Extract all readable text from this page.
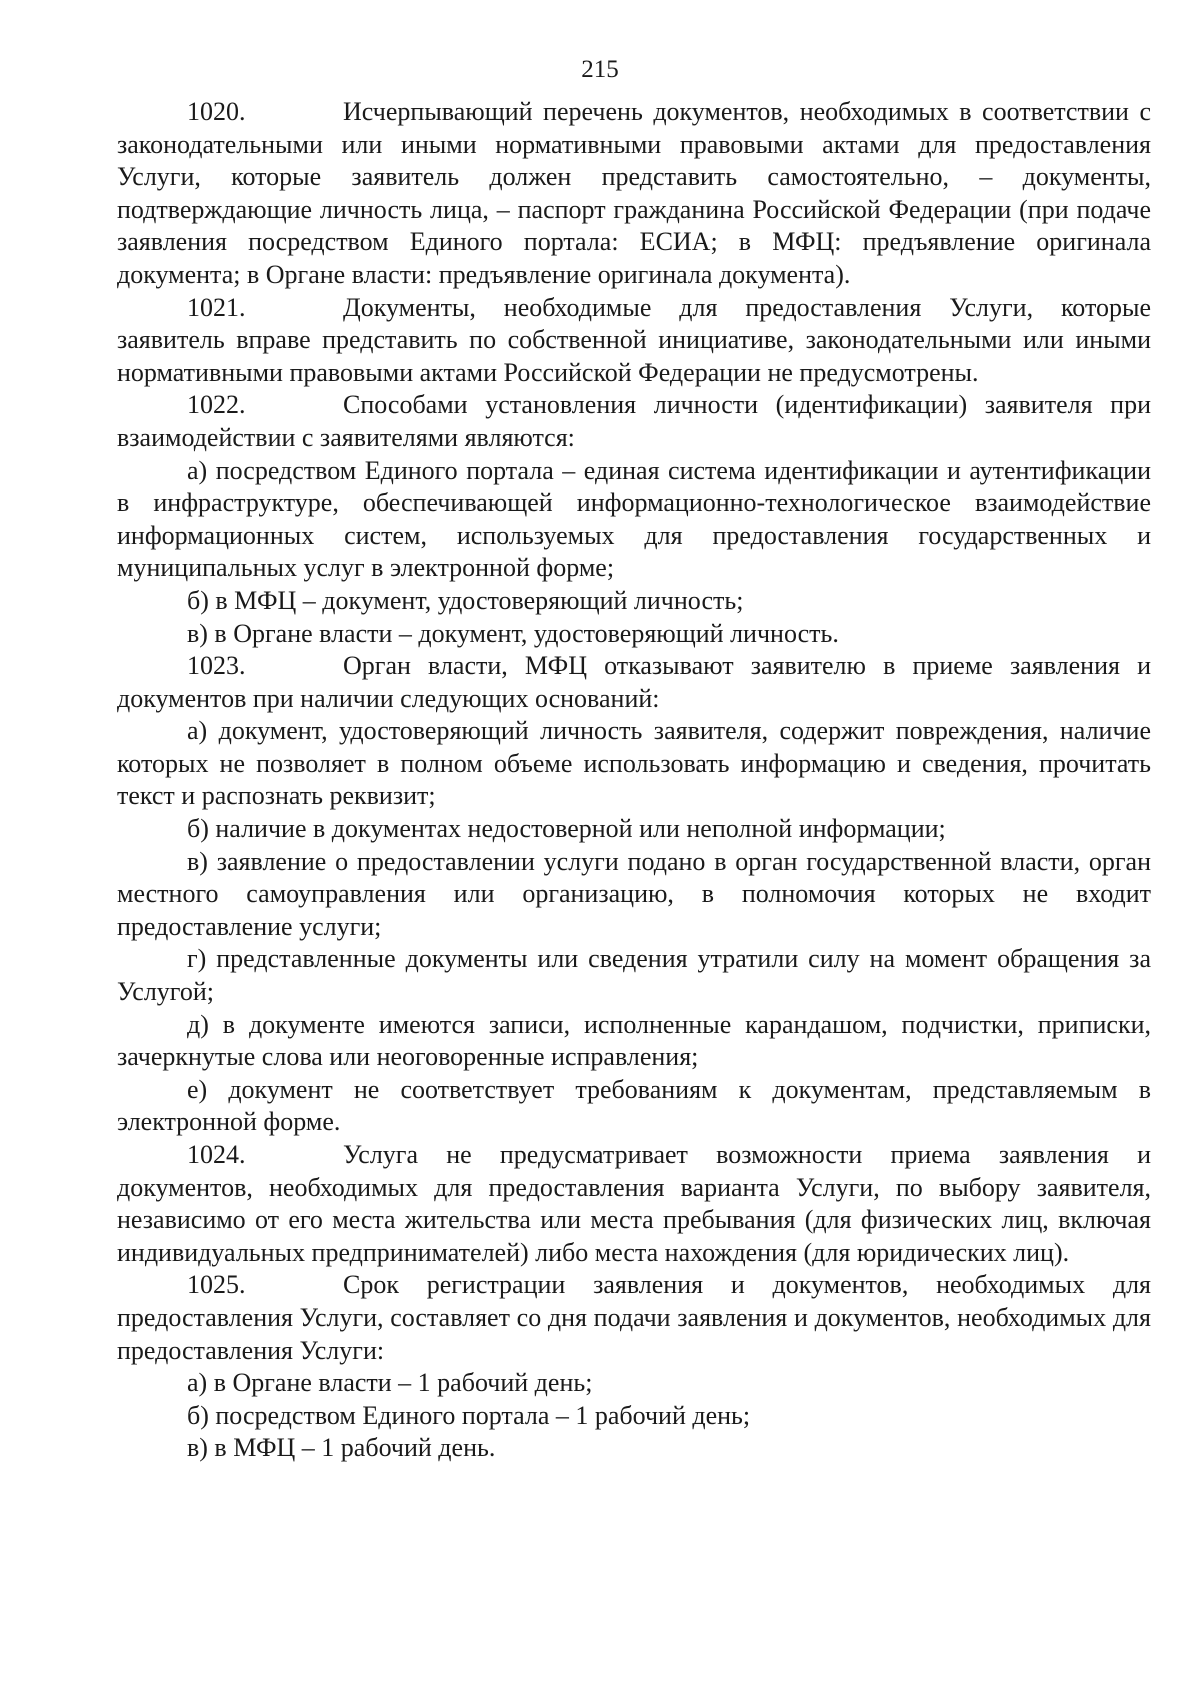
215

1020.	Исчерпывающий перечень документов, необходимых в соответствии с законодательными или иными нормативными правовыми актами для предоставления Услуги, которые заявитель должен представить самостоятельно, – документы, подтверждающие личность лица, – паспорт гражданина Российской Федерации (при подаче заявления посредством Единого портала: ЕСИА; в МФЦ: предъявление оригинала документа; в Органе власти: предъявление оригинала документа).

1021.	Документы, необходимые для предоставления Услуги, которые заявитель вправе представить по собственной инициативе, законодательными или иными нормативными правовыми актами Российской Федерации не предусмотрены.

1022.	Способами установления личности (идентификации) заявителя при взаимодействии с заявителями являются:

а) посредством Единого портала – единая система идентификации и аутентификации в инфраструктуре, обеспечивающей информационно-технологическое взаимодействие информационных систем, используемых для предоставления государственных и муниципальных услуг в электронной форме;

б) в МФЦ – документ, удостоверяющий личность;

в) в Органе власти – документ, удостоверяющий личность.

1023.	Орган власти, МФЦ отказывают заявителю в приеме заявления и документов при наличии следующих оснований:

а) документ, удостоверяющий личность заявителя, содержит повреждения, наличие которых не позволяет в полном объеме использовать информацию и сведения, прочитать текст и распознать реквизит;

б) наличие в документах недостоверной или неполной информации;

в) заявление о предоставлении услуги подано в орган государственной власти, орган местного самоуправления или организацию, в полномочия которых не входит предоставление услуги;

г) представленные документы или сведения утратили силу на момент обращения за Услугой;

д) в документе имеются записи, исполненные карандашом, подчистки, приписки, зачеркнутые слова или неоговоренные исправления;

е) документ не соответствует требованиям к документам, представляемым в электронной форме.

1024.	Услуга не предусматривает возможности приема заявления и документов, необходимых для предоставления варианта Услуги, по выбору заявителя, независимо от его места жительства или места пребывания (для физических лиц, включая индивидуальных предпринимателей) либо места нахождения (для юридических лиц).

1025.	Срок регистрации заявления и документов, необходимых для предоставления Услуги, составляет со дня подачи заявления и документов, необходимых для предоставления Услуги:

а) в Органе власти – 1 рабочий день;

б) посредством Единого портала – 1 рабочий день;

в) в МФЦ – 1 рабочий день.
